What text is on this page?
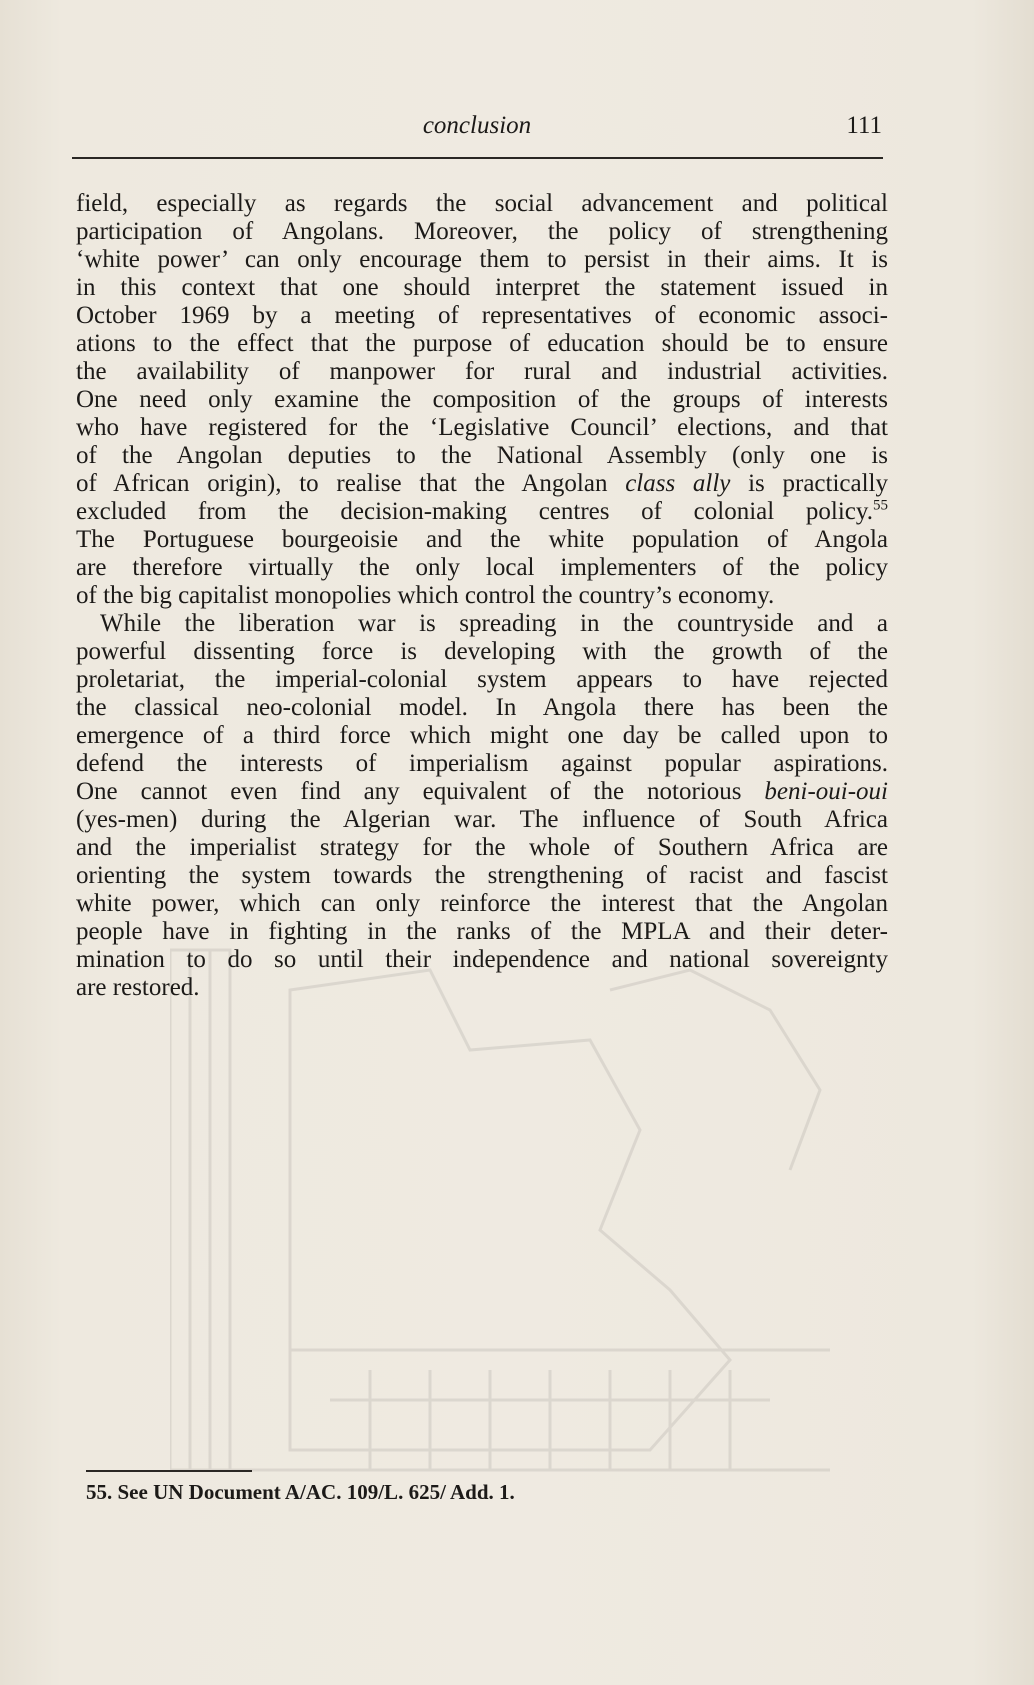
conclusion	111
field, especially as regards the social advancement and political
participation of Angolans. Moreover, the policy of strengthening
‘white power’ can only encourage them to persist in their aims. It is
in this context that one should interpret the statement issued in
October 1969 by a meeting of representatives of economic associ-
ations to the effect that the purpose of education should be to ensure
the availability of manpower for rural and industrial activities.
One need only examine the composition of the groups of interests
who have registered for the ‘Legislative Council’ elections, and that
of the Angolan deputies to the National Assembly (only one is
of African origin), to realise that the Angolan class ally is practically
excluded from the decision-making centres of colonial policy.$^{55}$
The Portuguese bourgeoisie and the white population of Angola
are therefore virtually the only local implementers of the policy
of the big capitalist monopolies which control the country’s economy.
While the liberation war is spreading in the countryside and a
powerful dissenting force is developing with the growth of the
proletariat, the imperial-colonial system appears to have rejected
the classical neo-colonial model. In Angola there has been the
emergence of a third force which might one day be called upon to
defend the interests of imperialism against popular aspirations.
One cannot even find any equivalent of the notorious beni-oui-oui
(yes-men) during the Algerian war. The influence of South Africa
and the imperialist strategy for the whole of Southern Africa are
orienting the system towards the strengthening of racist and fascist
white power, which can only reinforce the interest that the Angolan
people have in fighting in the ranks of the MPLA and their deter-
mination to do so until their independence and national sovereignty
are restored.
55. See UN Document A/AC. 109/L. 625/ Add. 1.
